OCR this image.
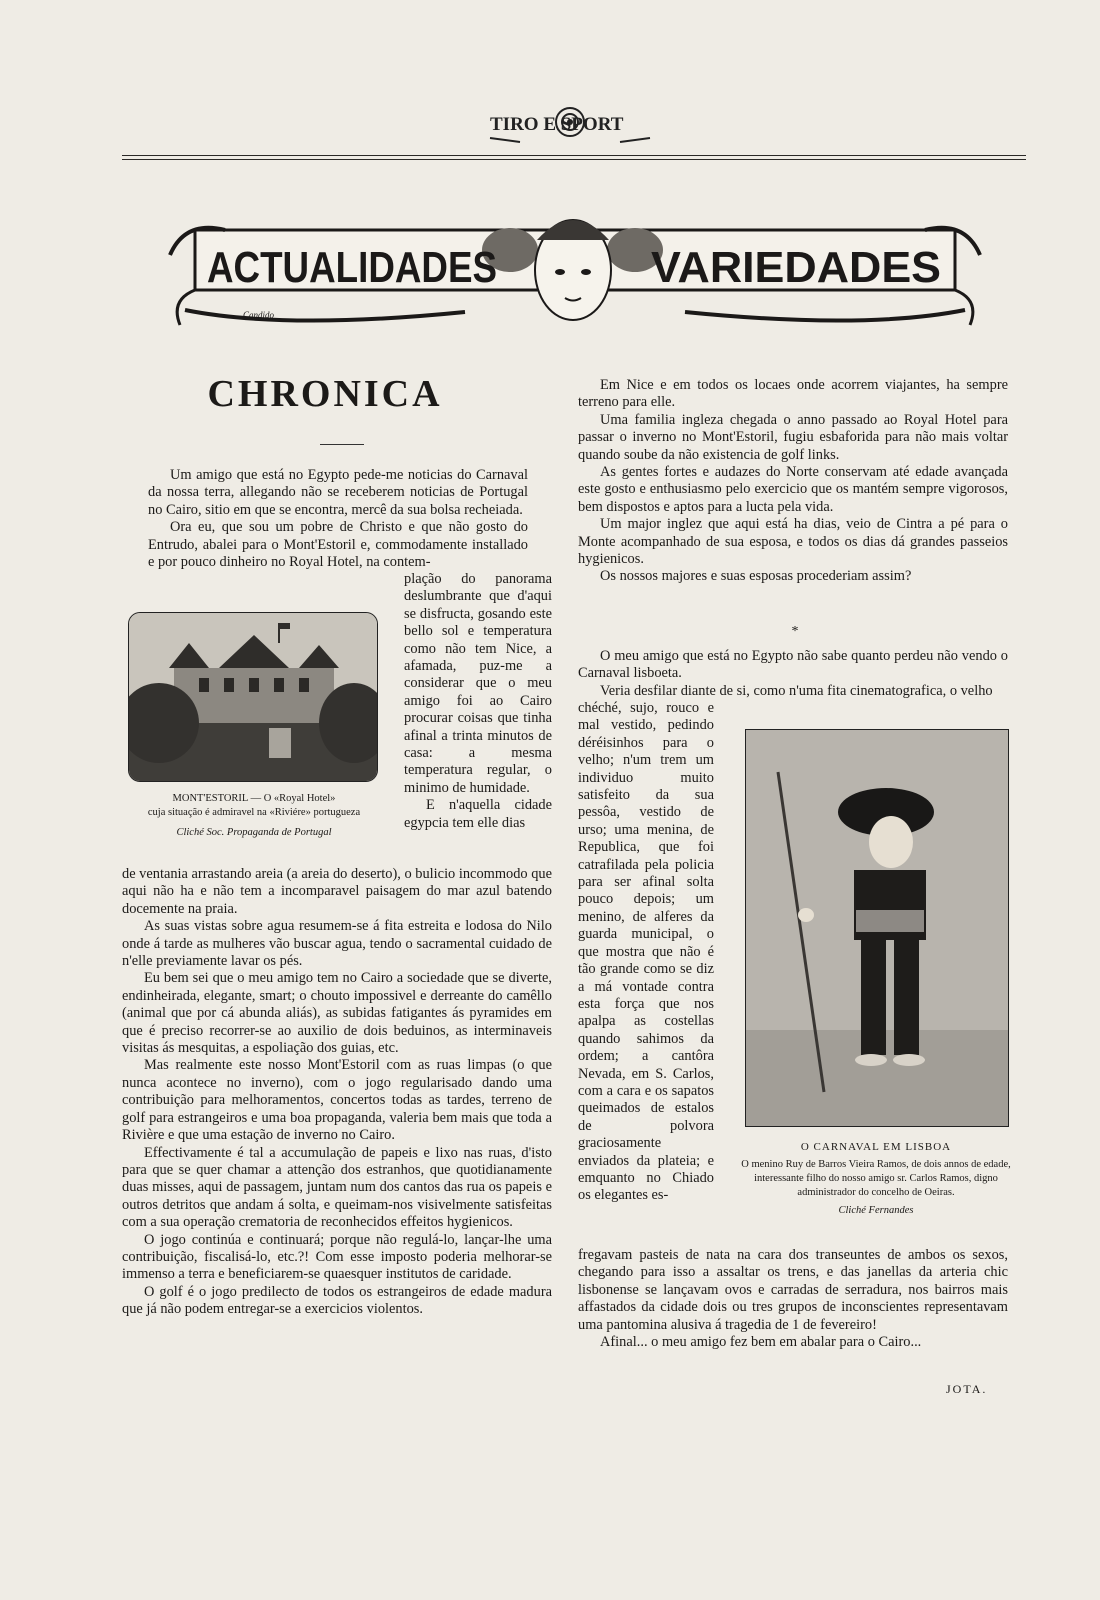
TIRO E SPORT
ACTUALIDADES	VARIEDADES
Candido
CHRONICA

Um amigo que está no Egypto pede-me noticias do Carnaval da nossa terra, allegando não se receberem noticias de Portugal no Cairo, sitio em que se encontra, mercê da sua bolsa recheiada.

Ora eu, que sou um pobre de Christo e que não gosto do Entrudo, abalei para o Mont'Estoril e, commodamente installado e por pouco dinheiro no Royal Hotel, na contem-

MONT'ESTORIL — O «Royal Hotel»
cuja situação é admiravel na «Riviére» portugueza
Cliché Soc. Propaganda de Portugal

plação do panorama deslumbrante que d'aqui se disfructa, gosando este bello sol e temperatura como não tem Nice, a afamada, puz-me a considerar que o meu amigo foi ao Cairo procurar coisas que tinha afinal a trinta minutos de casa: a mesma temperatura regular, o minimo de humidade.

E n'aquella cidade egypcia tem elle dias

de ventania arrastando areia (a areia do deserto), o bulicio incommodo que aqui não ha e não tem a incomparavel paisagem do mar azul batendo docemente na praia.

As suas vistas sobre agua resumem-se á fita estreita e lodosa do Nilo onde á tarde as mulheres vão buscar agua, tendo o sacramental cuidado de n'elle previamente lavar os pés.

Eu bem sei que o meu amigo tem no Cairo a sociedade que se diverte, endinheirada, elegante, smart; o chouto impossivel e derreante do camêllo (animal que por cá abunda aliás), as subidas fatigantes ás pyramides em que é preciso recorrer-se ao auxilio de dois beduinos, as interminaveis visitas ás mesquitas, a espoliação dos guias, etc.

Mas realmente este nosso Mont'Estoril com as ruas limpas (o que nunca acontece no inverno), com o jogo regularisado dando uma contribuição para melhoramentos, concertos todas as tardes, terreno de golf para estrangeiros e uma boa propaganda, valeria bem mais que toda a Rivière e que uma estação de inverno no Cairo.

Effectivamente é tal a accumulação de papeis e lixo nas ruas, d'isto para que se quer chamar a attenção dos estranhos, que quotidianamente duas misses, aqui de passagem, juntam num dos cantos das rua os papeis e outros detritos que andam á solta, e queimam-nos visivelmente satisfeitas com a sua operação crematoria de reconhecidos effeitos hygienicos.

O jogo continúa e continuará; porque não regulá-lo, lançar-lhe uma contribuição, fiscalisá-lo, etc.?! Com esse imposto poderia melhorar-se immenso a terra e beneficiarem-se quaesquer institutos de caridade.

O golf é o jogo predilecto de todos os estrangeiros de edade madura que já não podem entregar-se a exercicios violentos.

Em Nice e em todos os locaes onde acorrem viajantes, ha sempre terreno para elle.

Uma familia ingleza chegada o anno passado ao Royal Hotel para passar o inverno no Mont'Estoril, fugiu esbaforida para não mais voltar quando soube da não existencia de golf links.

As gentes fortes e audazes do Norte conservam até edade avançada este gosto e enthusiasmo pelo exercicio que os mantém sempre vigorosos, bem dispostos e aptos para a lucta pela vida.

Um major inglez que aqui está ha dias, veio de Cintra a pé para o Monte acompanhado de sua esposa, e todos os dias dá grandes passeios hygienicos.

Os nossos majores e suas esposas procederiam assim?

*

O meu amigo que está no Egypto não sabe quanto perdeu não vendo o Carnaval lisboeta.

Veria desfilar diante de si, como n'uma fita cinematografica, o velho

chéché, sujo, rouco e mal vestido, pedindo déréisinhos para o velho; n'um trem um individuo muito satisfeito da sua pessôa, vestido de urso; uma menina, de Republica, que foi catrafilada pela policia para ser afinal solta pouco depois; um menino, de alferes da guarda municipal, o que mostra que não é tão grande como se diz a má vontade contra esta força que nos apalpa as costellas quando sahimos da ordem; a cantôra Nevada, em S. Carlos, com a cara e os sapatos queimados de estalos de polvora graciosamente enviados da plateia; e emquanto no Chiado os elegantes es-

O CARNAVAL EM LISBOA
O menino Ruy de Barros Vieira Ramos, de dois annos de edade, interessante filho do nosso amigo sr. Carlos Ramos, digno administrador do concelho de Oeiras.
Cliché Fernandes

fregavam pasteis de nata na cara dos transeuntes de ambos os sexos, chegando para isso a assaltar os trens, e das janellas da arteria chic lisbonense se lançavam ovos e carradas de serradura, nos bairros mais affastados da cidade dois ou tres grupos de inconscientes representavam uma pantomina alusiva á tragedia de 1 de fevereiro!

Afinal... o meu amigo fez bem em abalar para o Cairo...

JOTA.
